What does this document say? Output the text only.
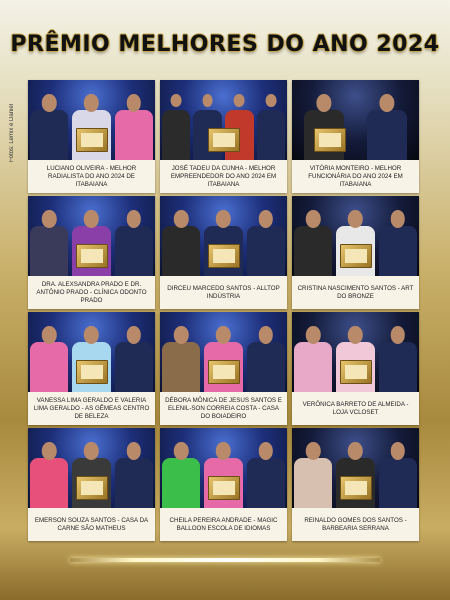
PRÊMIO MELHORES DO ANO 2024
Fotos: Lemix e Daniel
LUCIANO OLIVEIRA - MELHOR RADIALISTA DO ANO 2024 DE ITABAIANA
JOSÉ TADEU DA CUNHA - MELHOR EMPREENDEDOR DO ANO 2024 EM ITABAIANA
VITÓRIA MONTEIRO - MELHOR FUNCIONÁRIA DO ANO 2024 EM ITABAIANA
DRA. ALEXSANDRA PRADO E DR. ANTÔNIO PRADO - CLÍNICA ODONTO PRADO
DIRCEU MARCEDO SANTOS - ALLTOP INDÚSTRIA
CRISTINA NASCIMENTO SANTOS - ART DO BRONZE
VANESSA LIMA GERALDO E VALERIA LIMA GERALDO - AS GÊMEAS CENTRO DE BELEZA
DÉBORA MÔNICA DE JESUS SANTOS E ELENIL-SON CORREIA COSTA - CASA DO BOIADEIRO
VERÔNICA BARRETO DE ALMEIDA - LOJA VCLOSET
EMERSON SOUZA SANTOS - CASA DA CARNE SÃO MATHEUS
CHEILA PEREIRA ANDRADE - MAGIC BALLOON ESCOLA DE IDIOMAS
REINALDO GOMES DOS SANTOS - BARBEARIA SERRANA
